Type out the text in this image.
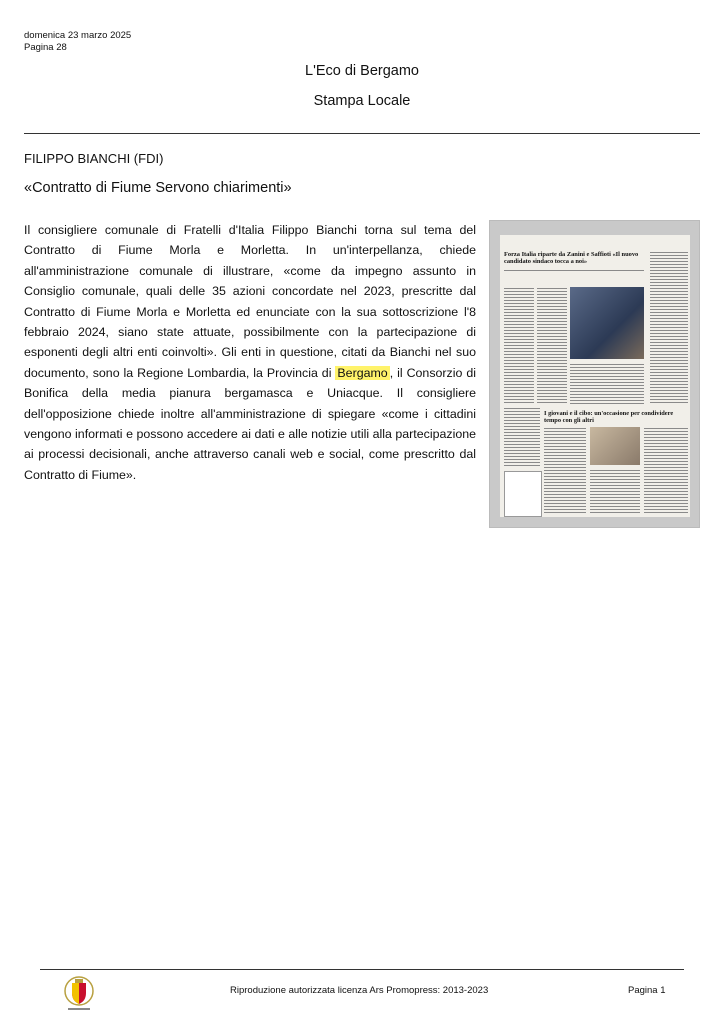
domenica 23 marzo 2025
Pagina 28
L'Eco di Bergamo
Stampa Locale
FILIPPO BIANCHI (FDI)
«Contratto di Fiume Servono chiarimenti»
Il consigliere comunale di Fratelli d'Italia Filippo Bianchi torna sul tema del Contratto di Fiume Morla e Morletta. In un'interpellanza, chiede all'amministrazione comunale di illustrare, «come da impegno assunto in Consiglio comunale, quali delle 35 azioni concordate nel 2023, prescritte dal Contratto di Fiume Morla e Morletta ed enunciate con la sua sottoscrizione l'8 febbraio 2024, siano state attuate, possibilmente con la partecipazione di esponenti degli altri enti coinvolti». Gli enti in questione, citati da Bianchi nel suo documento, sono la Regione Lombardia, la Provincia di Bergamo , il Consorzio di Bonifica della media pianura bergamasca e Uniacque. Il consigliere dell'opposizione chiede inoltre all'amministrazione di spiegare «come i cittadini vengono informati e possono accedere ai dati e alle notizie utili alla partecipazione ai processi decisionali, anche attraverso canali web e social, come prescritto dal Contratto di Fiume».
Forza Italia riparte da Zanini e Saffioti «Il nuovo candidato sindaco tocca a noi»
I giovani e il cibo: un'occasione per condividere tempo con gli altri
Riproduzione autorizzata licenza Ars Promopress: 2013-2023	Pagina 1
